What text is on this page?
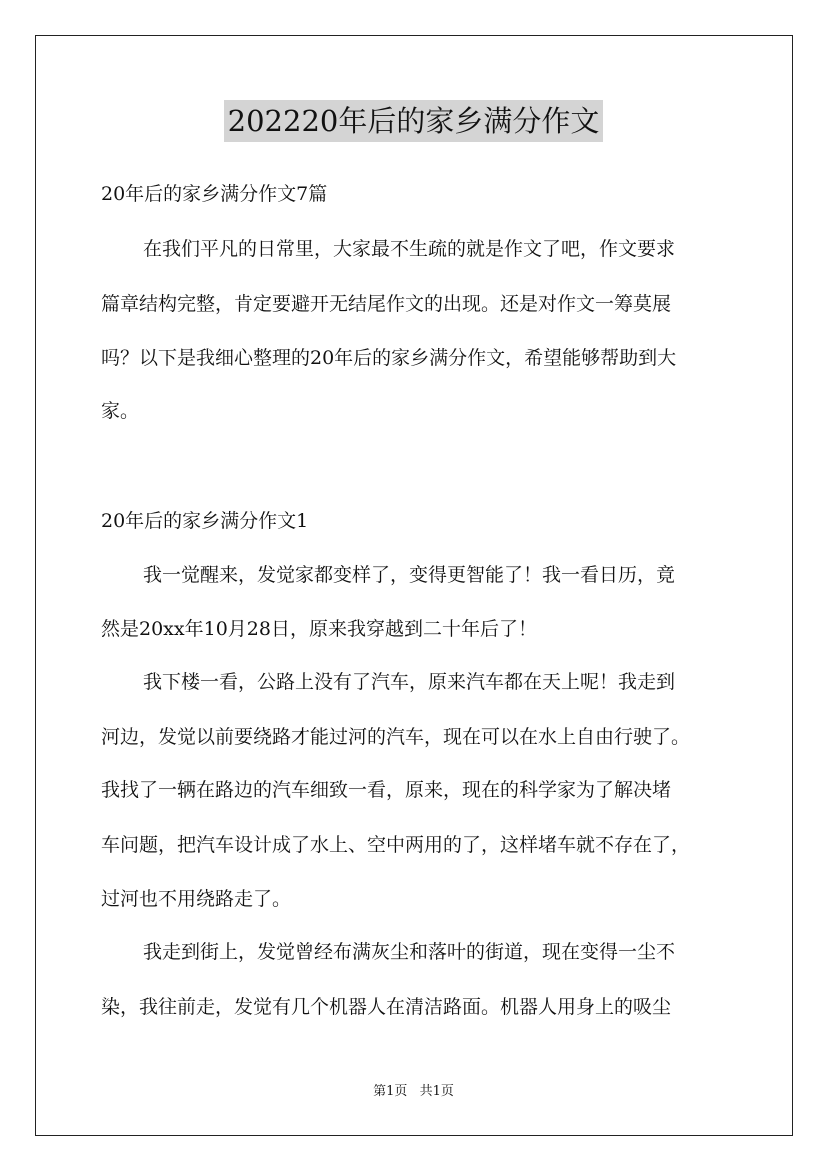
202220年后的家乡满分作文
20年后的家乡满分作文7篇
在我们平凡的日常里，大家最不生疏的就是作文了吧，作文要求
篇章结构完整，肯定要避开无结尾作文的出现。还是对作文一筹莫展
吗？以下是我细心整理的20年后的家乡满分作文，希望能够帮助到大
家。
20年后的家乡满分作文1
我一觉醒来，发觉家都变样了，变得更智能了！我一看日历，竟
然是20xx年10月28日，原来我穿越到二十年后了！
我下楼一看，公路上没有了汽车，原来汽车都在天上呢！我走到
河边，发觉以前要绕路才能过河的汽车，现在可以在水上自由行驶了。
我找了一辆在路边的汽车细致一看，原来，现在的科学家为了解决堵
车问题，把汽车设计成了水上、空中两用的了，这样堵车就不存在了，
过河也不用绕路走了。
我走到街上，发觉曾经布满灰尘和落叶的街道，现在变得一尘不
染，我往前走，发觉有几个机器人在清洁路面。机器人用身上的吸尘
第1页 共1页
